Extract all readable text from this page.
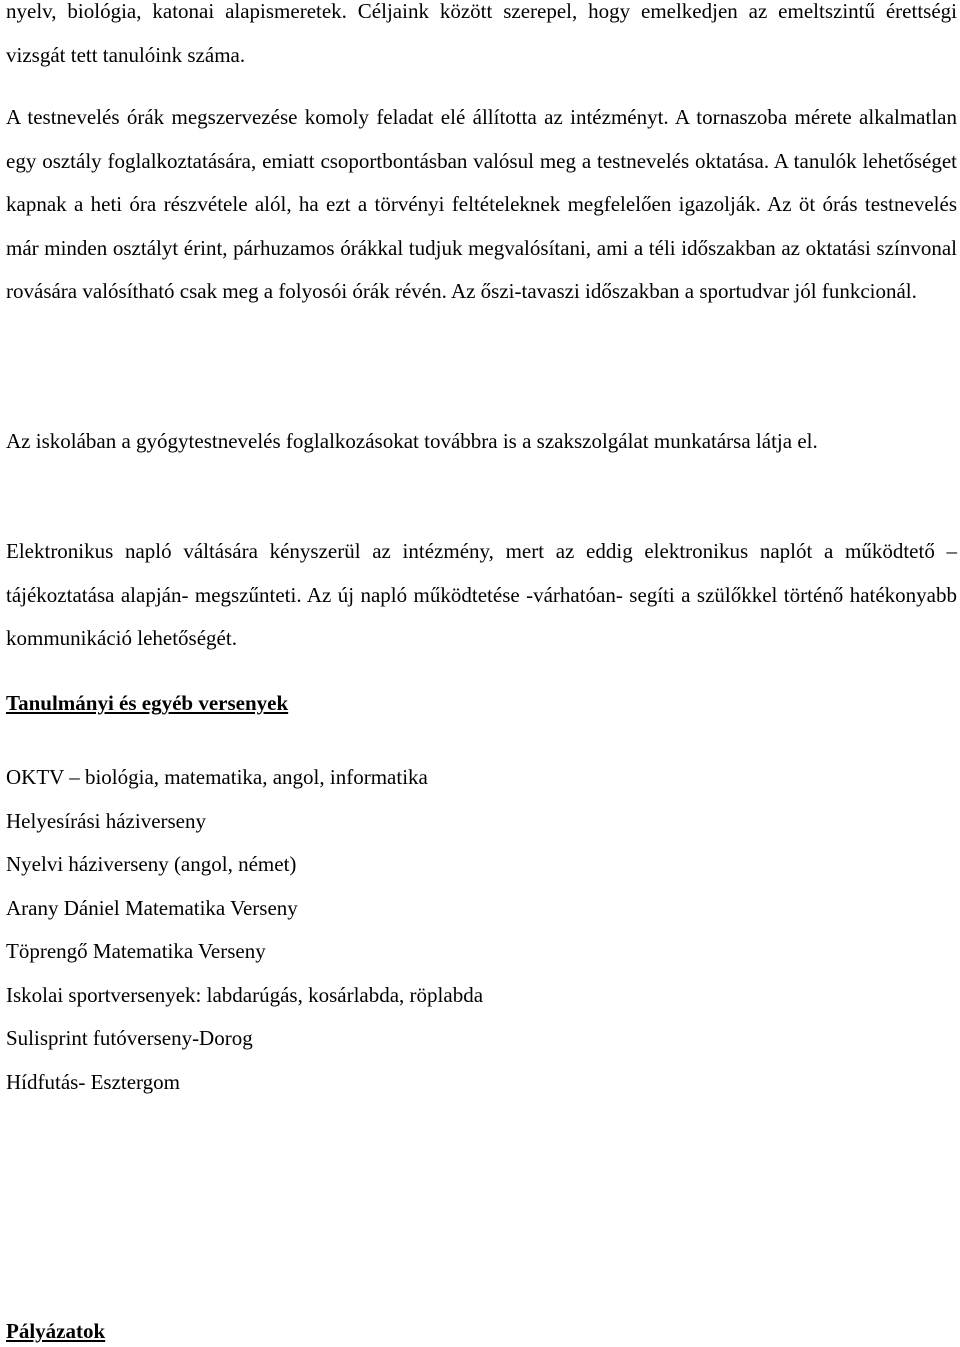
nyelv, biológia, katonai alapismeretek. Céljaink között szerepel, hogy emelkedjen az emeltszintű érettségi vizsgát tett tanulóink száma.

A testnevelés órák megszervezése komoly feladat elé állította az intézményt. A tornaszoba mérete alkalmatlan egy osztály foglalkoztatására, emiatt csoportbontásban valósul meg a testnevelés oktatása. A tanulók lehetőséget kapnak a heti óra részvétele alól, ha ezt a törvényi feltételeknek megfelelően igazolják. Az öt órás testnevelés már minden osztályt érint, párhuzamos órákkal tudjuk megvalósítani, ami a téli időszakban az oktatási színvonal rovására valósítható csak meg a folyosói órák révén. Az őszi-tavaszi időszakban a sportudvar jól funkcionál.

Az iskolában a gyógytestnevelés foglalkozásokat továbbra is a szakszolgálat munkatársa látja el.

Elektronikus napló váltására kényszerül az intézmény, mert az eddig elektronikus naplót a működtető – tájékoztatása alapján- megszűnteti. Az új napló működtetése -várhatóan- segíti a szülőkkel történő hatékonyabb kommunikáció lehetőségét.

Tanulmányi és egyéb versenyek
OKTV – biológia, matematika, angol, informatika
Helyesírási háziverseny
Nyelvi háziverseny (angol, német)
Arany Dániel Matematika Verseny
Töprengő Matematika Verseny
Iskolai sportversenyek: labdarúgás, kosárlabda, röplabda
Sulisprint futóverseny-Dorog
Hídfutás- Esztergom
Pályázatok
